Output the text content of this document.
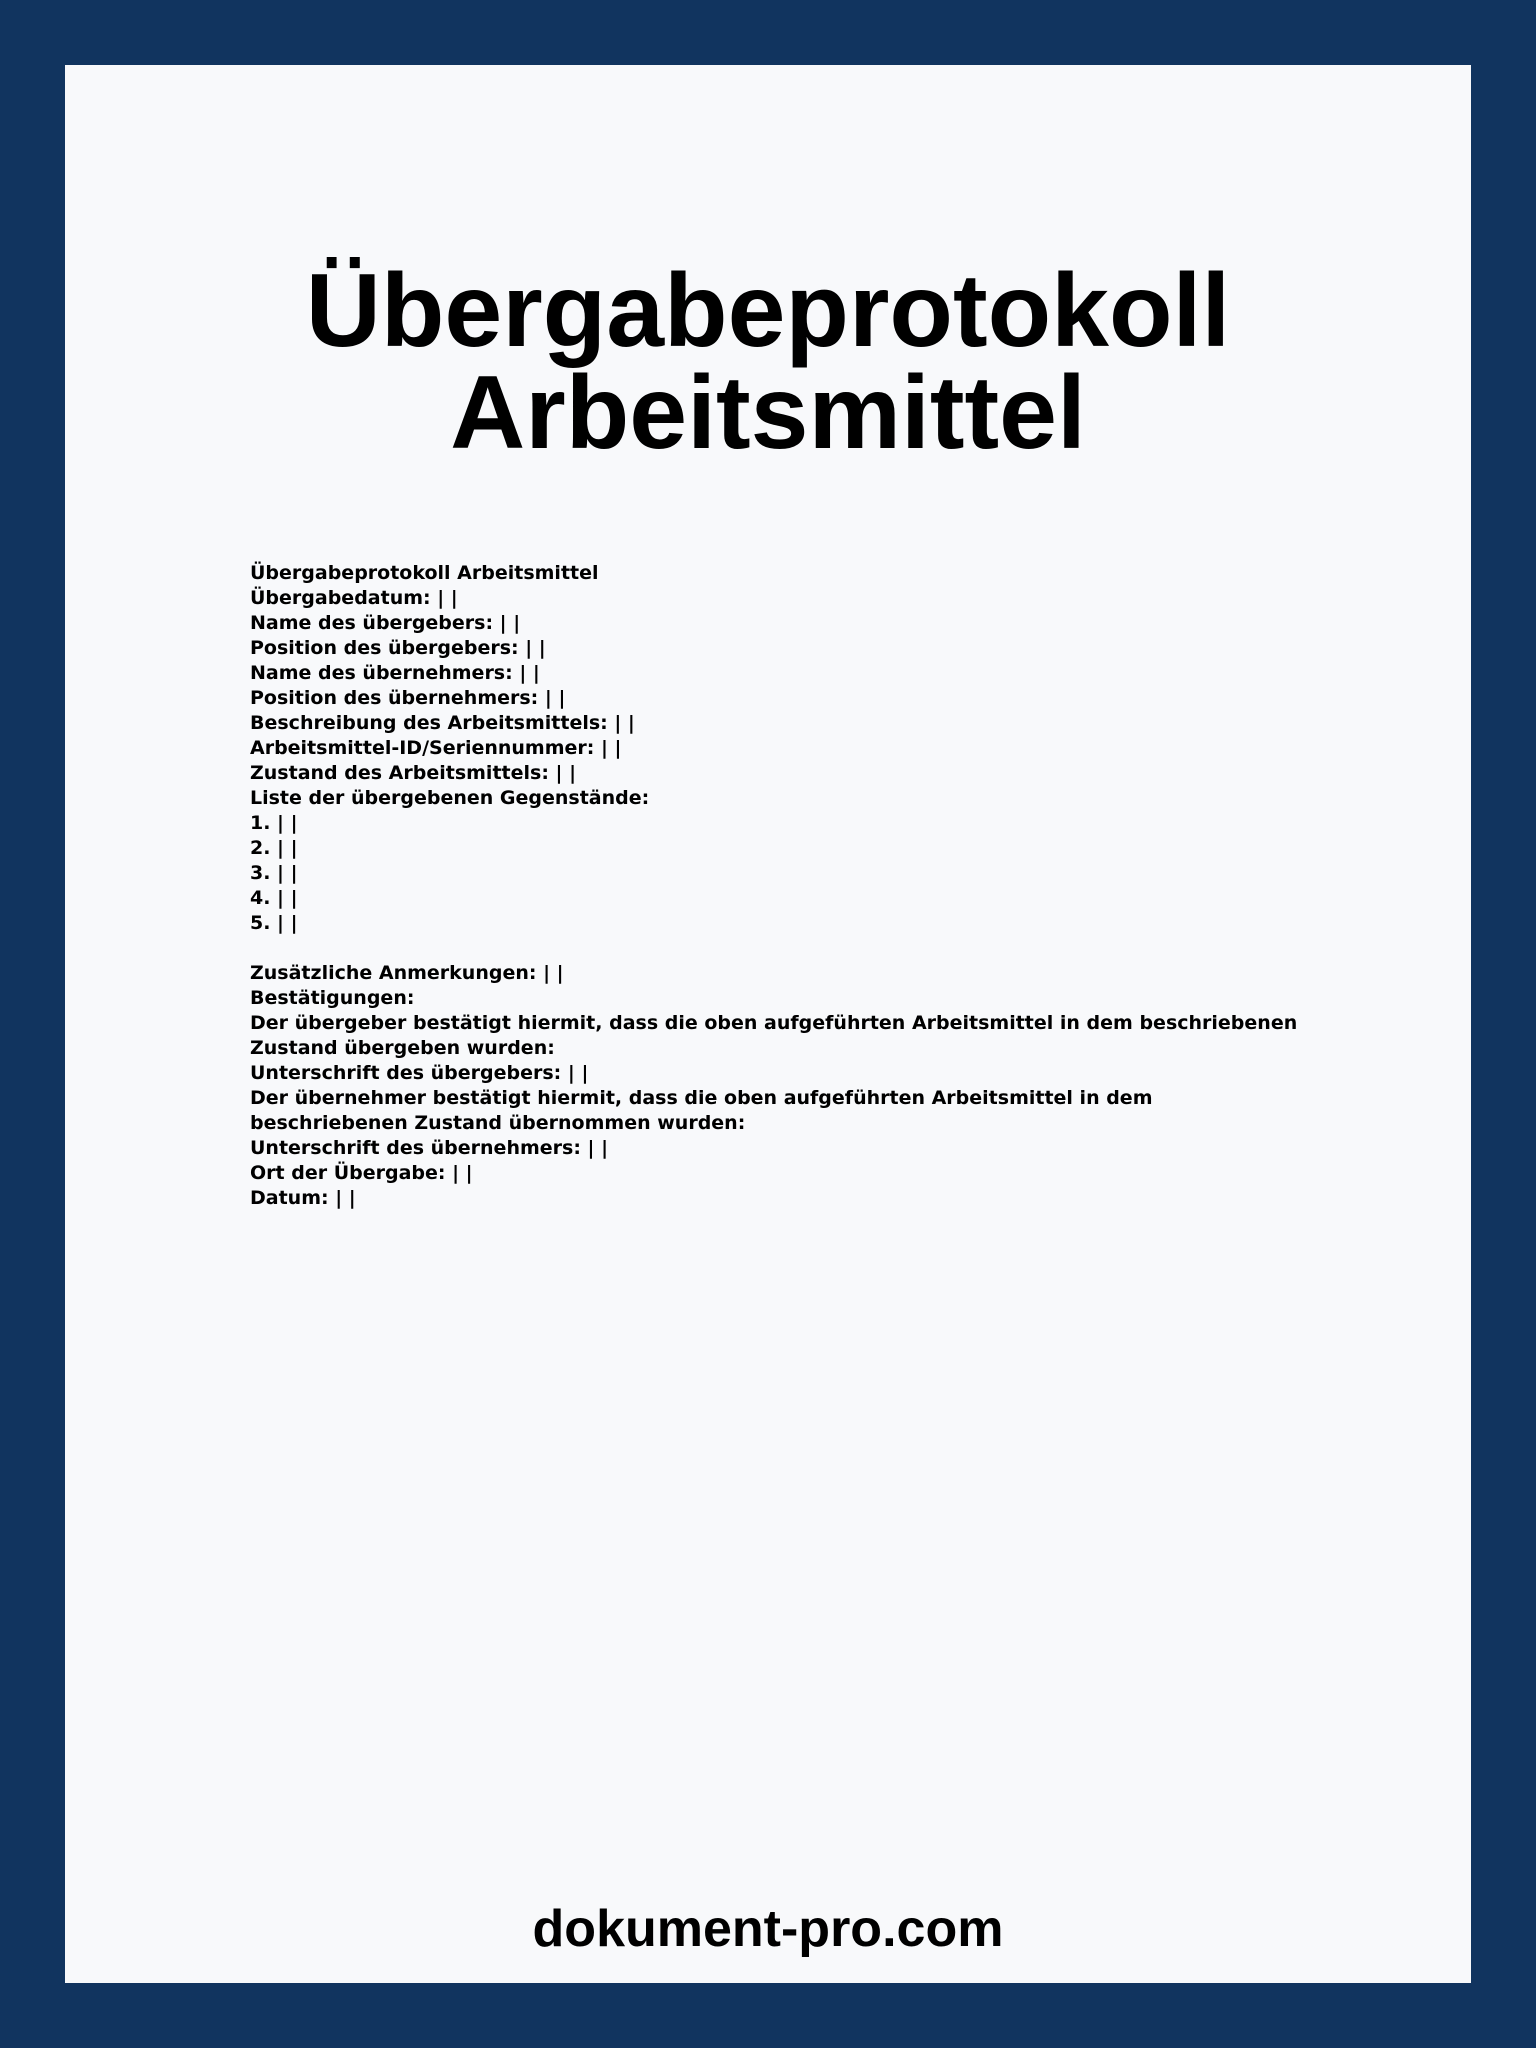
Übergabeprotokoll
Arbeitsmittel

Übergabeprotokoll Arbeitsmittel

Übergabedatum: | |

Name des übergebers: | |

Position des übergebers: | |

Name des übernehmers: | |

Position des übernehmers: | |

Beschreibung des Arbeitsmittels: | |

Arbeitsmittel-ID/Seriennummer: | |

Zustand des Arbeitsmittels: | |

Liste der übergebenen Gegenstände:

1. | |
2. | |
3. | |
4. | |
5. | |

Zusätzliche Anmerkungen: | |

Bestätigungen:

Der übergeber bestätigt hiermit, dass die oben aufgeführten Arbeitsmittel in dem beschriebenen Zustand übergeben wurden:

Unterschrift des übergebers: | |

Der übernehmer bestätigt hiermit, dass die oben aufgeführten Arbeitsmittel in dem beschriebenen Zustand übernommen wurden:

Unterschrift des übernehmers: | |

Ort der Übergabe: | |

Datum: | |

dokument-pro.com
